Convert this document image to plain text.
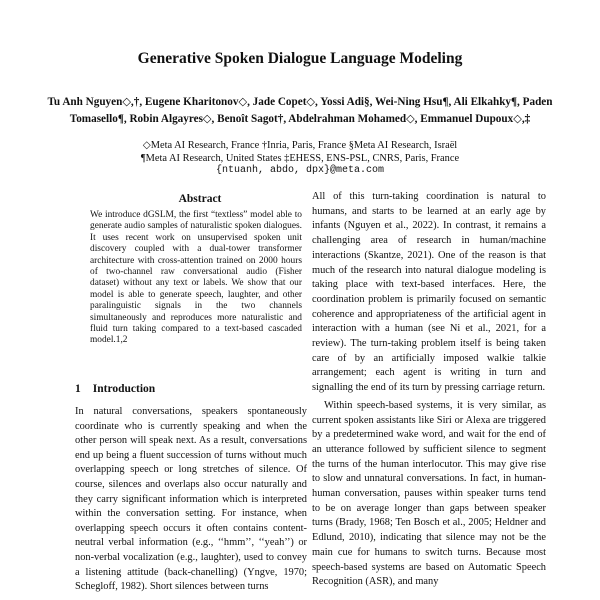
Generative Spoken Dialogue Language Modeling
Tu Anh Nguyen◇,†, Eugene Kharitonov◇, Jade Copet◇, Yossi Adi§, Wei-Ning Hsu¶, Ali Elkahky¶, Paden Tomasello¶, Robin Algayres◇, Benoît Sagot†, Abdelrahman Mohamed◇, Emmanuel Dupoux◇,‡
◇Meta AI Research, France †Inria, Paris, France §Meta AI Research, Israël
¶Meta AI Research, United States ‡EHESS, ENS-PSL, CNRS, Paris, France
{ntuanh, abdo, dpx}@meta.com
Abstract

We introduce dGSLM, the first “textless” model able to generate audio samples of naturalistic spoken dialogues. It uses recent work on unsupervised spoken unit discovery coupled with a dual-tower transformer architecture with cross-attention trained on 2000 hours of two-channel raw conversational audio (Fisher dataset) without any text or labels. We show that our model is able to generate speech, laughter, and other paralinguistic signals in the two channels simultaneously and reproduces more naturalistic and fluid turn taking compared to a text-based cascaded model.1,2

1 Introduction

In natural conversations, speakers spontaneously coordinate who is currently speaking and when the other person will speak next. As a result, conversations end up being a fluent succession of turns without much overlapping speech or long stretches of silence. Of course, silences and overlaps also occur naturally and they carry significant information which is interpreted within the conversation setting. For instance, when overlapping speech occurs it often contains content-neutral verbal information (e.g., ‘‘hmm’’, ‘‘yeah’’) or non-verbal vocalization (e.g., laughter), used to convey a listening attitude (back-chanelling) (Yngve, 1970; Schegloff, 1982). Short silences between turns

All of this turn-taking coordination is natural to humans, and starts to be learned at an early age by infants (Nguyen et al., 2022). In contrast, it remains a challenging area of research in human/machine interactions (Skantze, 2021). One of the reason is that much of the research into natural dialogue modeling is taking place with text-based interfaces. Here, the coordination problem is primarily focused on semantic coherence and appropriateness of the artificial agent in interaction with a human (see Ni et al., 2021, for a review). The turn-taking problem itself is being taken care of by an artificially imposed walkie talkie arrangement; each agent is writing in turn and signalling the end of its turn by pressing carriage return.

Within speech-based systems, it is very similar, as current spoken assistants like Siri or Alexa are triggered by a predetermined wake word, and wait for the end of an utterance followed by sufficient silence to segment the turns of the human interlocutor. This may give rise to slow and unnatural conversations. In fact, in human-human conversation, pauses within speaker turns tend to be on average longer than gaps between speaker turns (Brady, 1968; Ten Bosch et al., 2005; Heldner and Edlund, 2010), indicating that silence may not be the main cue for humans to switch turns. Because most speech-based systems are based on Automatic Speech Recognition (ASR), and many
